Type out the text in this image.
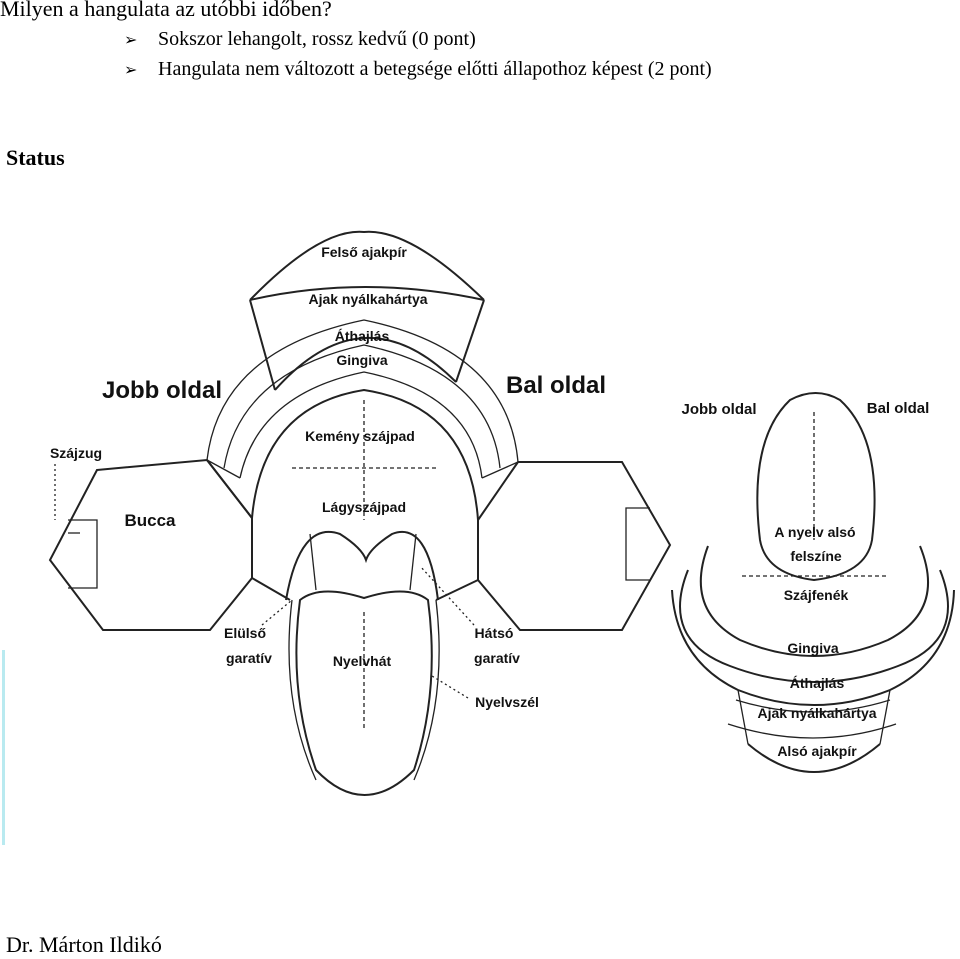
Milyen a hangulata az utóbbi időben?
➢ Sokszor lehangolt, rossz kedvű (0 pont)
➢ Hangulata nem változott a betegsége előtti állapothoz képest (2 pont)
Status
Felső ajakpír
Ajak nyálkahártya
Áthajlás
Gingiva
Jobb oldal	Bal oldal
Kemény szájpad
Szájzug
Lágyszájpad
Bucca
Elülső
garatív
Hátsó
garatív
Nyelvhát
Nyelvszél
Jobb oldal	Bal oldal
A nyelv alsó
felszíne
Szájfenék
Gingiva
Áthajlás
Ajak nyálkahártya
Alsó ajakpír
Dr. Márton Ildikó
